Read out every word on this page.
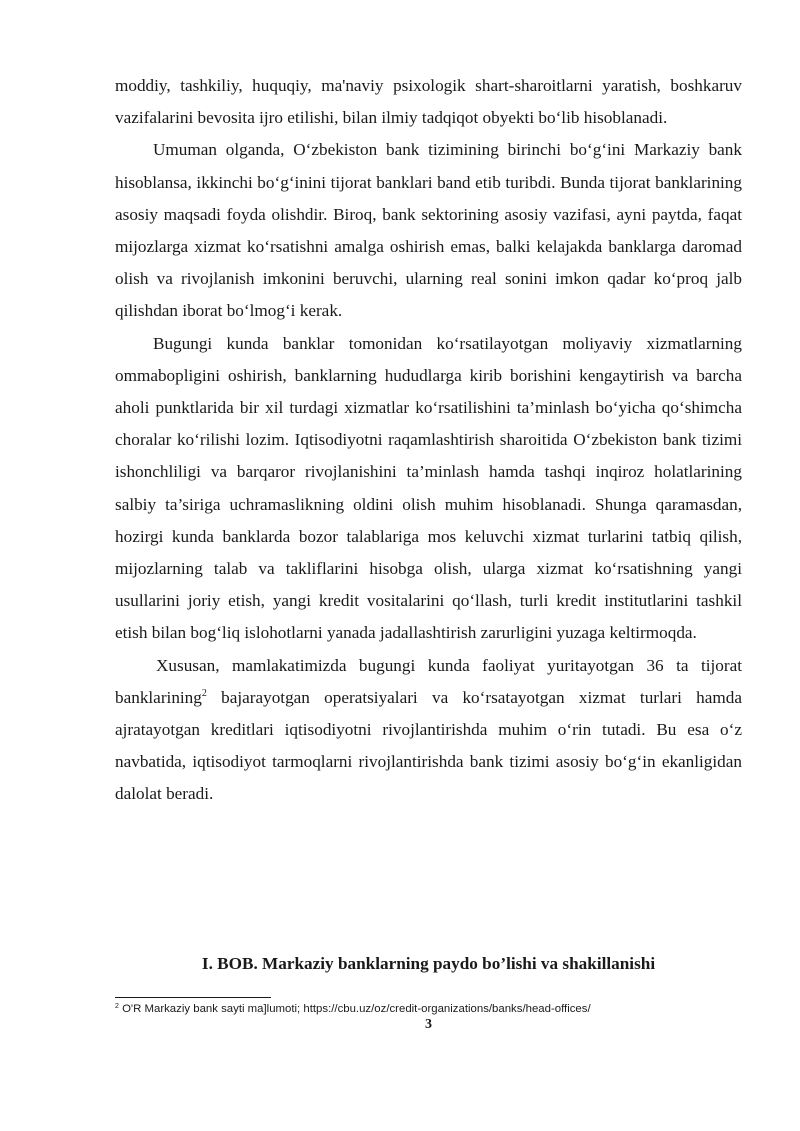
moddiy, tashkiliy, huquqiy, ma'naviy psixologik shart-sharoitlarni yaratish, boshkaruv vazifalarini bevosita ijro etilishi, bilan ilmiy tadqiqot obyekti bo‘lib hisoblanadi.

Umuman olganda, O‘zbekiston bank tizimining birinchi bo‘g‘ini Markaziy bank hisoblansa, ikkinchi bo‘g‘inini tijorat banklari band etib turibdi. Bunda tijorat banklarining asosiy maqsadi foyda olishdir. Biroq, bank sektorining asosiy vazifasi, ayni paytda, faqat mijozlarga xizmat ko‘rsatishni amalga oshirish emas, balki kelajakda banklarga daromad olish va rivojlanish imkonini beruvchi, ularning real sonini imkon qadar ko‘proq jalb qilishdan iborat bo‘lmog‘i kerak.

Bugungi kunda banklar tomonidan ko‘rsatilayotgan moliyaviy xizmatlarning ommabopligini oshirish, banklarning hududlarga kirib borishini kengaytirish va barcha aholi punktlarida bir xil turdagi xizmatlar ko‘rsatilishini ta’minlash bo‘yicha qo‘shimcha choralar ko‘rilishi lozim. Iqtisodiyotni raqamlashtirish sharoitida O‘zbekiston bank tizimi ishonchliligi va barqaror rivojlanishini ta’minlash hamda tashqi inqiroz holatlarining salbiy ta’siriga uchramaslikning oldini olish muhim hisoblanadi. Shunga qaramasdan, hozirgi kunda banklarda bozor talablariga mos keluvchi xizmat turlarini tatbiq qilish, mijozlarning talab va takliflarini hisobga olish, ularga xizmat ko‘rsatishning yangi usullarini joriy etish, yangi kredit vositalarini qo‘llash, turli kredit institutlarini tashkil etish bilan bog‘liq islohotlarni yanada jadallashtirish zarurligini yuzaga keltirmoqda.

Xususan, mamlakatimizda bugungi kunda faoliyat yuritayotgan 36 ta tijorat banklarining$^2$ bajarayotgan operatsiyalari va ko‘rsatayotgan xizmat turlari hamda ajratayotgan kreditlari iqtisodiyotni rivojlantirishda muhim o‘rin tutadi. Bu esa o‘z navbatida, iqtisodiyot tarmoqlarni rivojlantirishda bank tizimi asosiy bo‘g‘in ekanligidan dalolat beradi.

I. BOB. Markaziy banklarning paydo bo’lishi va shakillanishi

$^2$ O'R Markaziy bank sayti ma]lumoti; https://cbu.uz/oz/credit-organizations/banks/head-offices/

3
